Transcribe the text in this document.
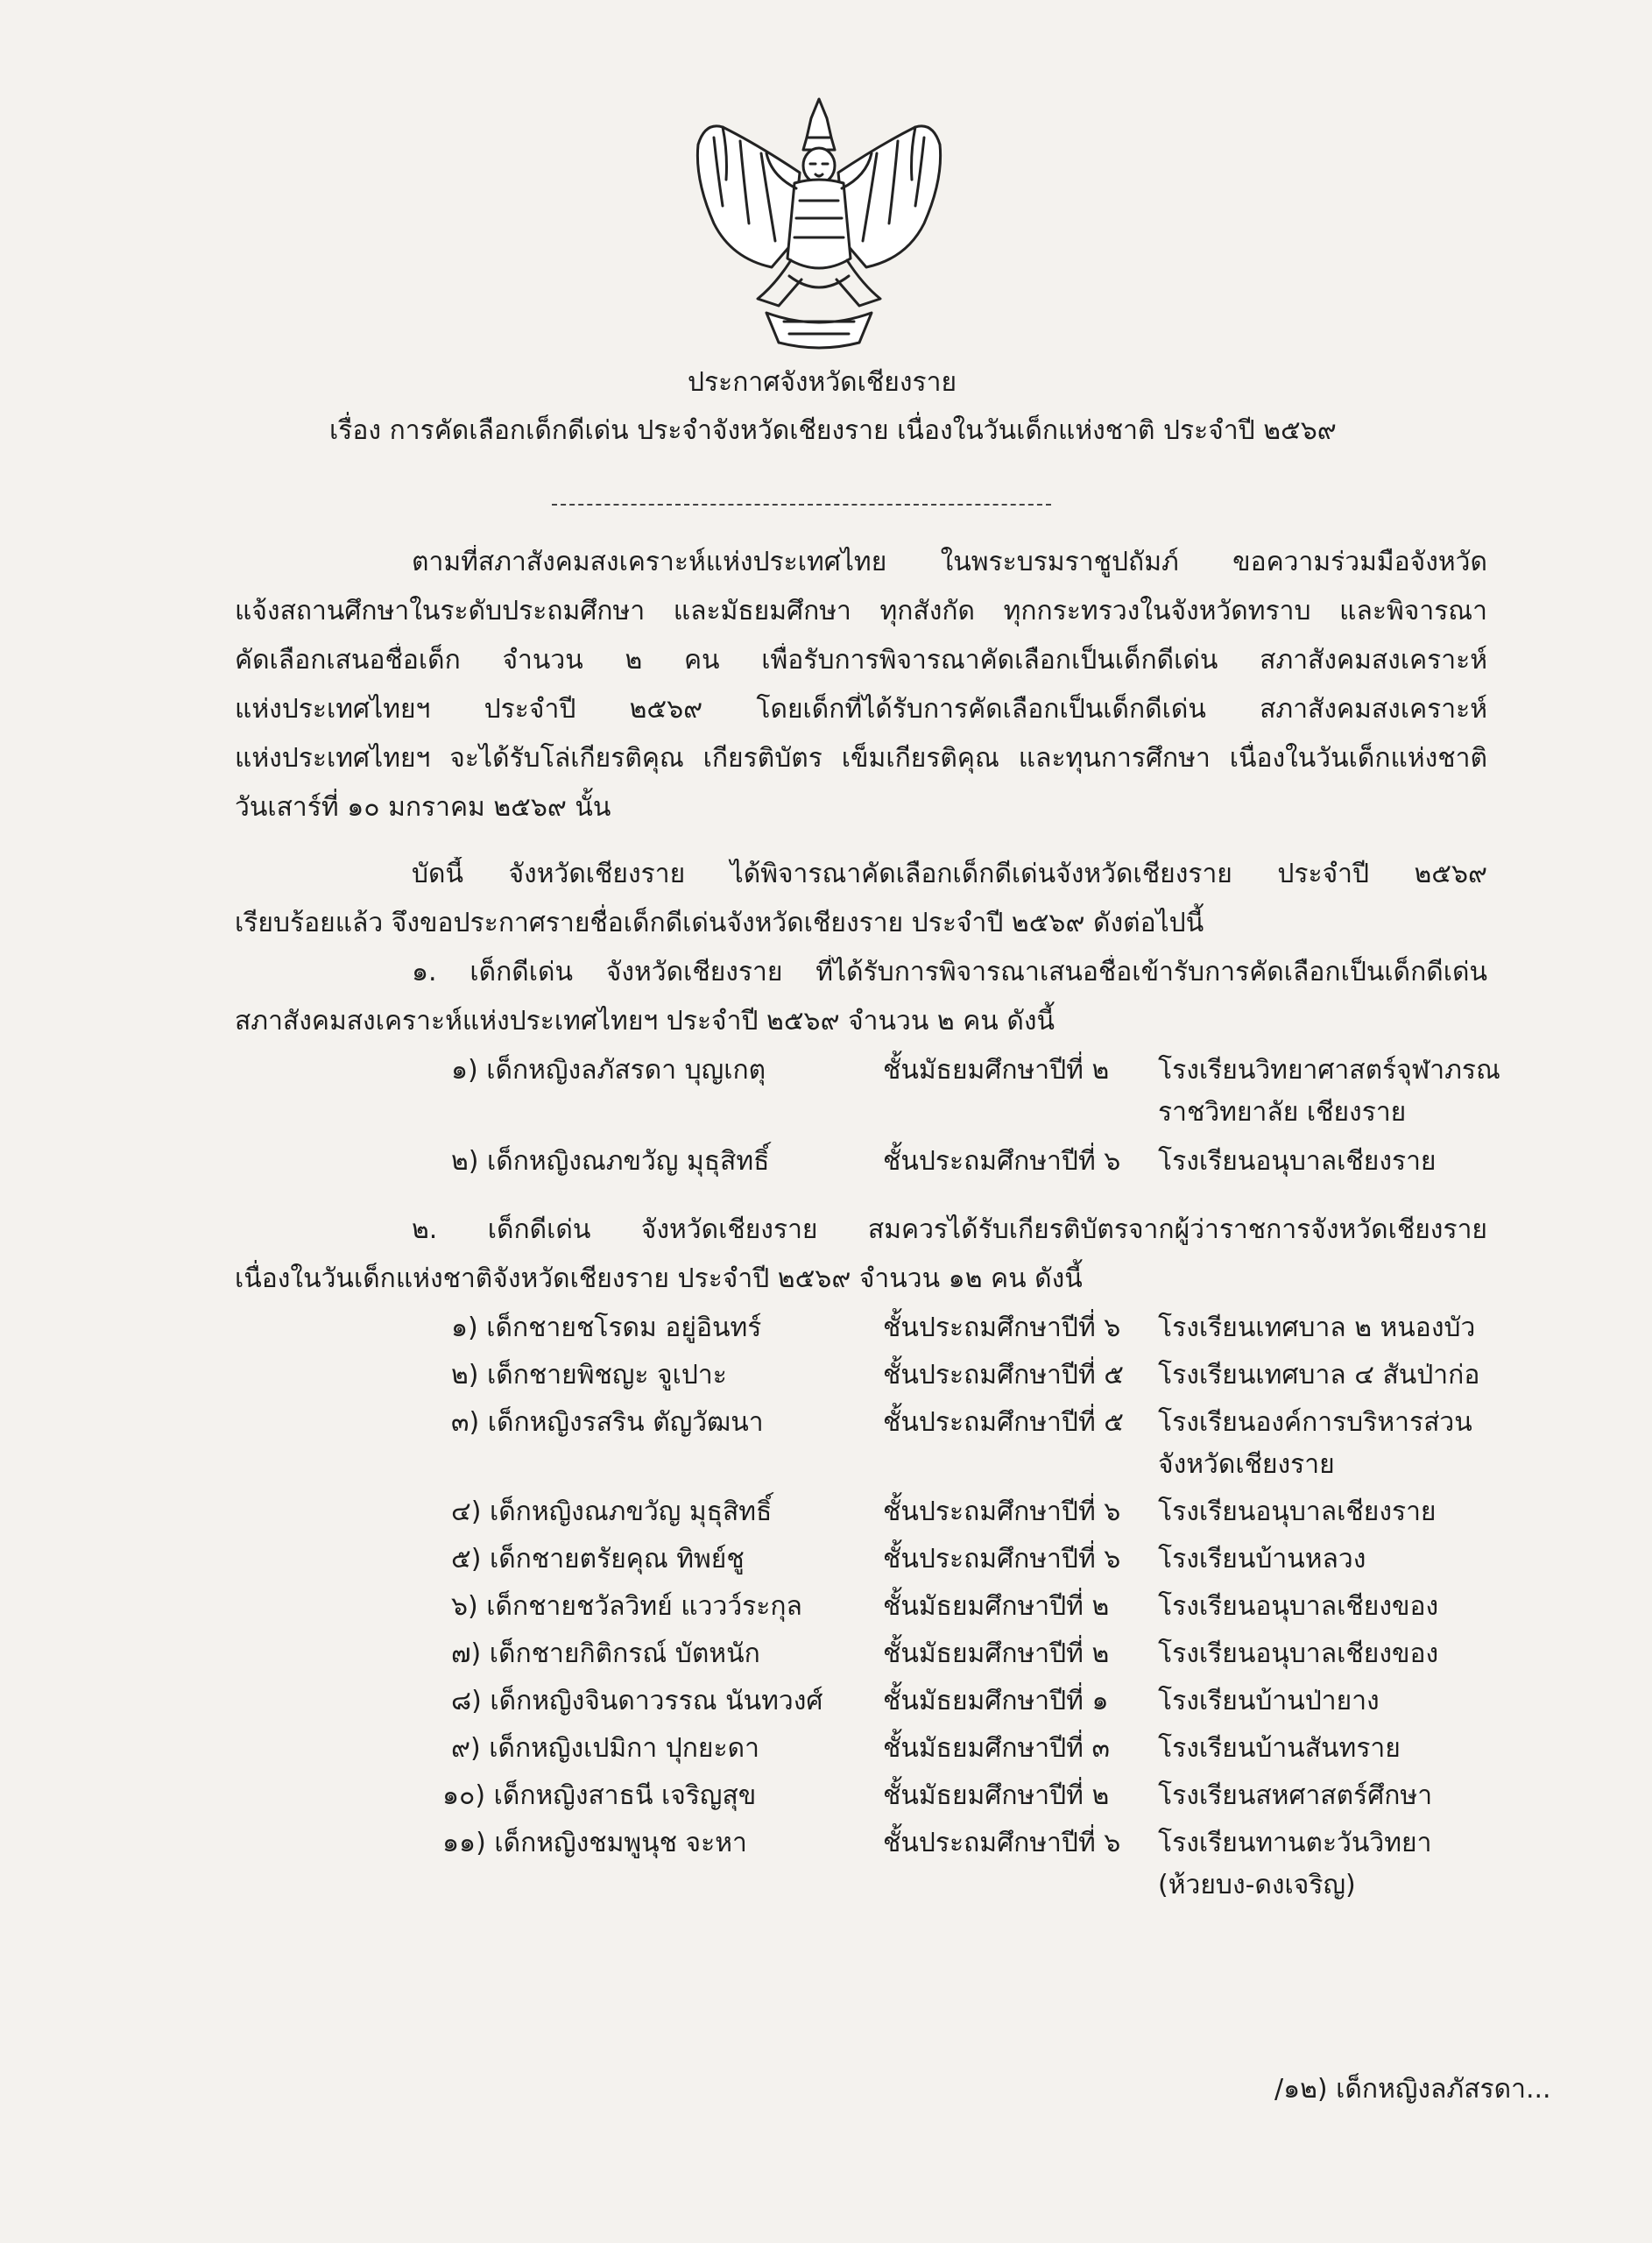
ประกาศจังหวัดเชียงราย
เรื่อง การคัดเลือกเด็กดีเด่น ประจำจังหวัดเชียงราย เนื่องในวันเด็กแห่งชาติ ประจำปี ๒๕๖๙
ตามที่สภาสังคมสงเคราะห์แห่งประเทศไทย ในพระบรมราชูปถัมภ์ ขอความร่วมมือจังหวัด
แจ้งสถานศึกษาในระดับประถมศึกษา และมัธยมศึกษา ทุกสังกัด ทุกกระทรวงในจังหวัดทราบ และพิจารณา
คัดเลือกเสนอชื่อเด็ก จำนวน ๒ คน เพื่อรับการพิจารณาคัดเลือกเป็นเด็กดีเด่น สภาสังคมสงเคราะห์
แห่งประเทศไทยฯ ประจำปี ๒๕๖๙ โดยเด็กที่ได้รับการคัดเลือกเป็นเด็กดีเด่น สภาสังคมสงเคราะห์
แห่งประเทศไทยฯ จะได้รับโล่เกียรติคุณ เกียรติบัตร เข็มเกียรติคุณ และทุนการศึกษา เนื่องในวันเด็กแห่งชาติ
วันเสาร์ที่ ๑๐ มกราคม ๒๕๖๙ นั้น
บัดนี้ จังหวัดเชียงราย ได้พิจารณาคัดเลือกเด็กดีเด่นจังหวัดเชียงราย ประจำปี ๒๕๖๙
เรียบร้อยแล้ว จึงขอประกาศรายชื่อเด็กดีเด่นจังหวัดเชียงราย ประจำปี ๒๕๖๙ ดังต่อไปนี้
๑. เด็กดีเด่น จังหวัดเชียงราย ที่ได้รับการพิจารณาเสนอชื่อเข้ารับการคัดเลือกเป็นเด็กดีเด่น
สภาสังคมสงเคราะห์แห่งประเทศไทยฯ ประจำปี ๒๕๖๙ จำนวน ๒ คน ดังนี้
๑) เด็กหญิงลภัสรดา บุญเกตุ	ชั้นมัธยมศึกษาปีที่ ๒ โรงเรียนวิทยาศาสตร์จุฬาภรณ
ราชวิทยาลัย เชียงราย
๒) เด็กหญิงณภขวัญ มุธุสิทธิ์	ชั้นประถมศึกษาปีที่ ๖ โรงเรียนอนุบาลเชียงราย
๒. เด็กดีเด่น จังหวัดเชียงราย สมควรได้รับเกียรติบัตรจากผู้ว่าราชการจังหวัดเชียงราย
เนื่องในวันเด็กแห่งชาติจังหวัดเชียงราย ประจำปี ๒๕๖๙ จำนวน ๑๒ คน ดังนี้
๑) เด็กชายชโรดม อยู่อินทร์	ชั้นประถมศึกษาปีที่ ๖ โรงเรียนเทศบาล ๒ หนองบัว
๒) เด็กชายพิชญะ จูเปาะ	ชั้นประถมศึกษาปีที่ ๕ โรงเรียนเทศบาล ๔ สันป่าก่อ
๓) เด็กหญิงรสริน ตัญวัฒนา	ชั้นประถมศึกษาปีที่ ๕ โรงเรียนองค์การบริหารส่วน
จังหวัดเชียงราย
๔) เด็กหญิงณภขวัญ มุธุสิทธิ์	ชั้นประถมศึกษาปีที่ ๖ โรงเรียนอนุบาลเชียงราย
๕) เด็กชายตรัยคุณ ทิพย์ชู	ชั้นประถมศึกษาปีที่ ๖ โรงเรียนบ้านหลวง
๖) เด็กชายชวัลวิทย์ แววว์ระกุล	ชั้นมัธยมศึกษาปีที่ ๒ โรงเรียนอนุบาลเชียงของ
๗) เด็กชายกิติกรณ์ บัตหนัก	ชั้นมัธยมศึกษาปีที่ ๒ โรงเรียนอนุบาลเชียงของ
๘) เด็กหญิงจินดาวรรณ นันทวงศ์ ชั้นมัธยมศึกษาปีที่ ๑ โรงเรียนบ้านป่ายาง
๙) เด็กหญิงเปมิกา ปุกยะดา	ชั้นมัธยมศึกษาปีที่ ๓ โรงเรียนบ้านสันทราย
๑๐) เด็กหญิงสาธนี เจริญสุข	ชั้นมัธยมศึกษาปีที่ ๒ โรงเรียนสหศาสตร์ศึกษา
๑๑) เด็กหญิงชมพูนุช จะหา	ชั้นประถมศึกษาปีที่ ๖ โรงเรียนทานตะวันวิทยา
(ห้วยบง-ดงเจริญ)
/๑๒) เด็กหญิงลภัสรดา...
